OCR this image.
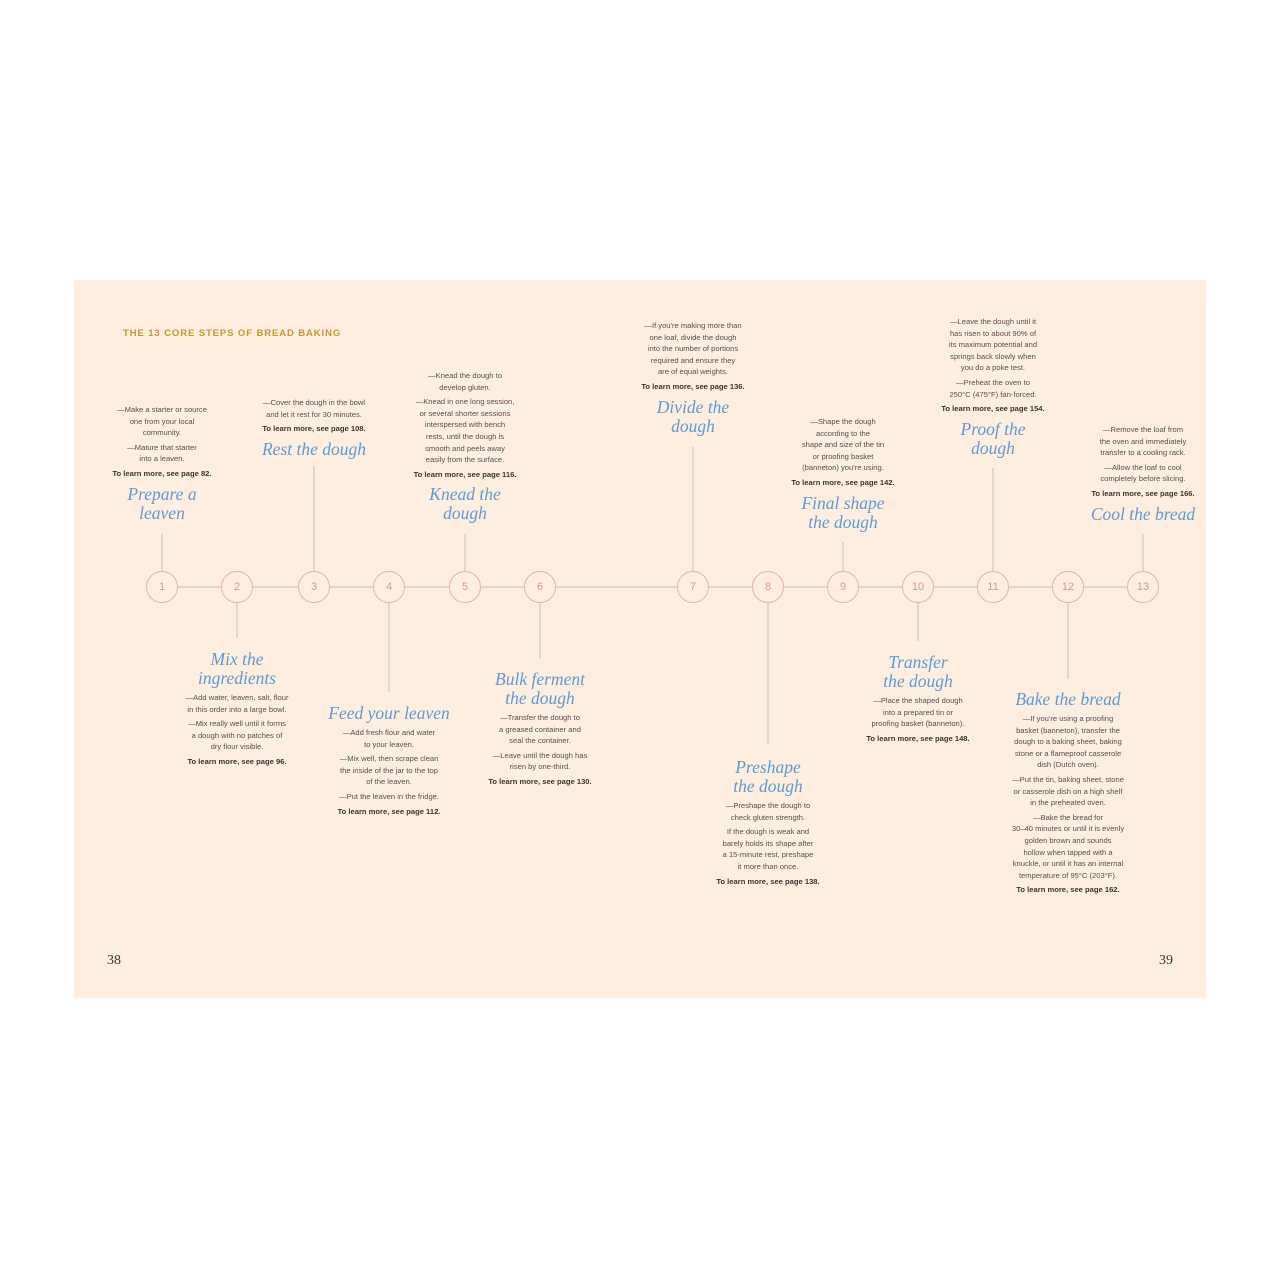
THE 13 CORE STEPS OF BREAD BAKING
1
—Make a starter or source
one from your local
community.
—Mature that starter
into a leaven.
To learn more, see page 82.
Prepare a
leaven
2
Mix the
ingredients
—Add water, leaven, salt, flour
in this order into a large bowl.
—Mix really well until it forms
a dough with no patches of
dry flour visible.
To learn more, see page 96.
3
—Cover the dough in the bowl
and let it rest for 30 minutes.
To learn more, see page 108.
Rest the dough
4
Feed your leaven
—Add fresh flour and water
to your leaven.
—Mix well, then scrape clean
the inside of the jar to the top
of the leaven.
—Put the leaven in the fridge.
To learn more, see page 112.
5
—Knead the dough to
develop gluten.
—Knead in one long session,
or several shorter sessions
interspersed with bench
rests, until the dough is
smooth and peels away
easily from the surface.
To learn more, see page 116.
Knead the
dough
6
Bulk ferment
the dough
—Transfer the dough to
a greased container and
seal the container.
—Leave until the dough has
risen by one-third.
To learn more, see page 130.
7
—If you're making more than
one loaf, divide the dough
into the number of portions
required and ensure they
are of equal weights.
To learn more, see page 136.
Divide the
dough
8
Preshape
the dough
—Preshape the dough to
check gluten strength.
If the dough is weak and
barely holds its shape after
a 15-minute rest, preshape
it more than once.
To learn more, see page 138.
9
—Shape the dough
according to the
shape and size of the tin
or proofing basket
(banneton) you're using.
To learn more, see page 142.
Final shape
the dough
10
Transfer
the dough
—Place the shaped dough
into a prepared tin or
proofing basket (banneton).
To learn more, see page 148.
11
—Leave the dough until it
has risen to about 90% of
its maximum potential and
springs back slowly when
you do a poke test.
—Preheat the oven to
250°C (475°F) fan-forced.
To learn more, see page 154.
Proof the
dough
12
Bake the bread
—If you're using a proofing
basket (banneton), transfer the
dough to a baking sheet, baking
stone or a flameproof casserole
dish (Dutch oven).
—Put the tin, baking sheet, stone
or casserole dish on a high shelf
in the preheated oven.
—Bake the bread for
30–40 minutes or until it is evenly
golden brown and sounds
hollow when tapped with a
knuckle, or until it has an internal
temperature of 95°C (203°F).
To learn more, see page 162.
13
—Remove the loaf from
the oven and immediately
transfer to a cooling rack.
—Allow the loaf to cool
completely before slicing.
To learn more, see page 166.
Cool the bread
38	39
